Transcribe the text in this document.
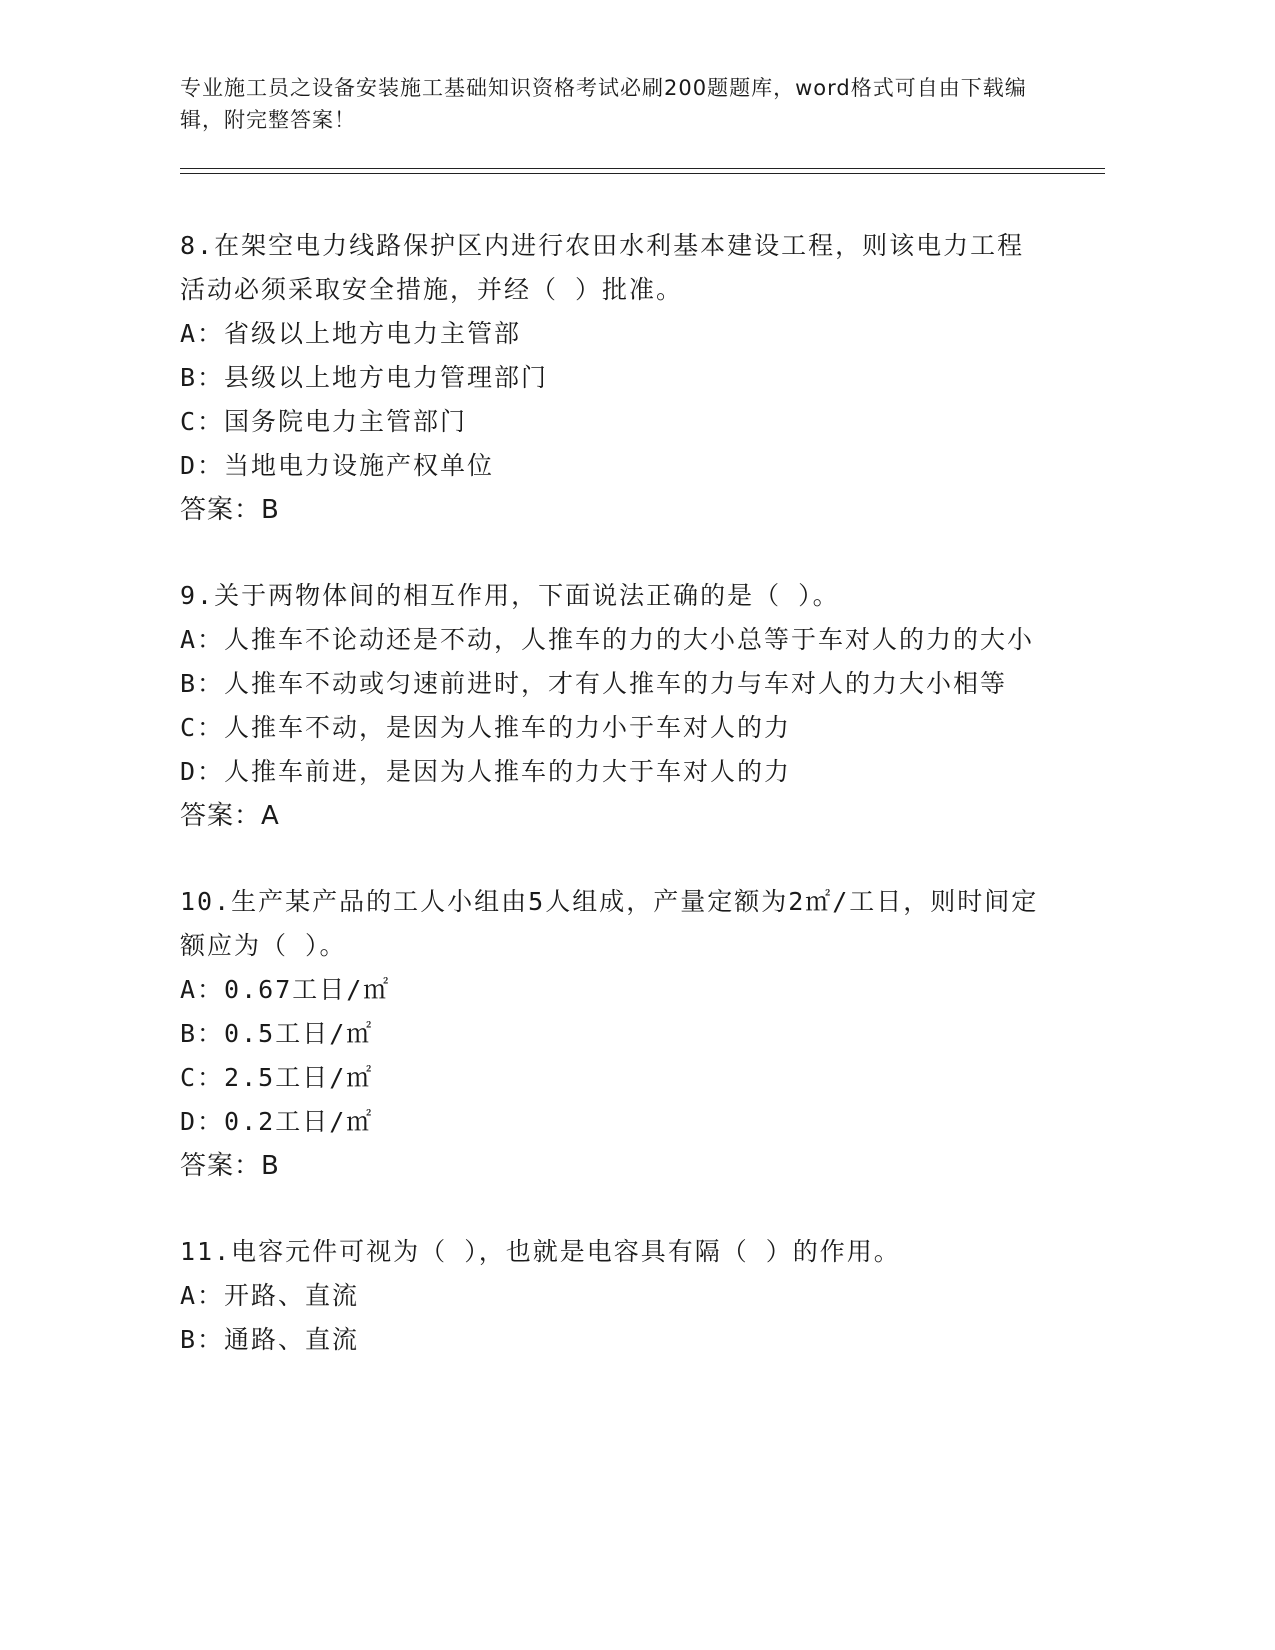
专业施工员之设备安装施工基础知识资格考试必刷200题题库，word格式可自由下载编辑，附完整答案！

8.在架空电力线路保护区内进行农田水利基本建设工程，则该电力工程活动必须采取安全措施，并经（ ）批准。

A：省级以上地方电力主管部

B：县级以上地方电力管理部门

C：国务院电力主管部门

D：当地电力设施产权单位

答案：B

9.关于两物体间的相互作用，下面说法正确的是（ ）。

A：人推车不论动还是不动，人推车的力的大小总等于车对人的力的大小

B：人推车不动或匀速前进时，才有人推车的力与车对人的力大小相等

C：人推车不动，是因为人推车的力小于车对人的力

D：人推车前进，是因为人推车的力大于车对人的力

答案：A

10.生产某产品的工人小组由5人组成，产量定额为2㎡/工日，则时间定额应为（ ）。

A：0.67工日/㎡

B：0.5工日/㎡

C：2.5工日/㎡

D：0.2工日/㎡

答案：B

11.电容元件可视为（ ），也就是电容具有隔（ ）的作用。

A：开路、直流

B：通路、直流
